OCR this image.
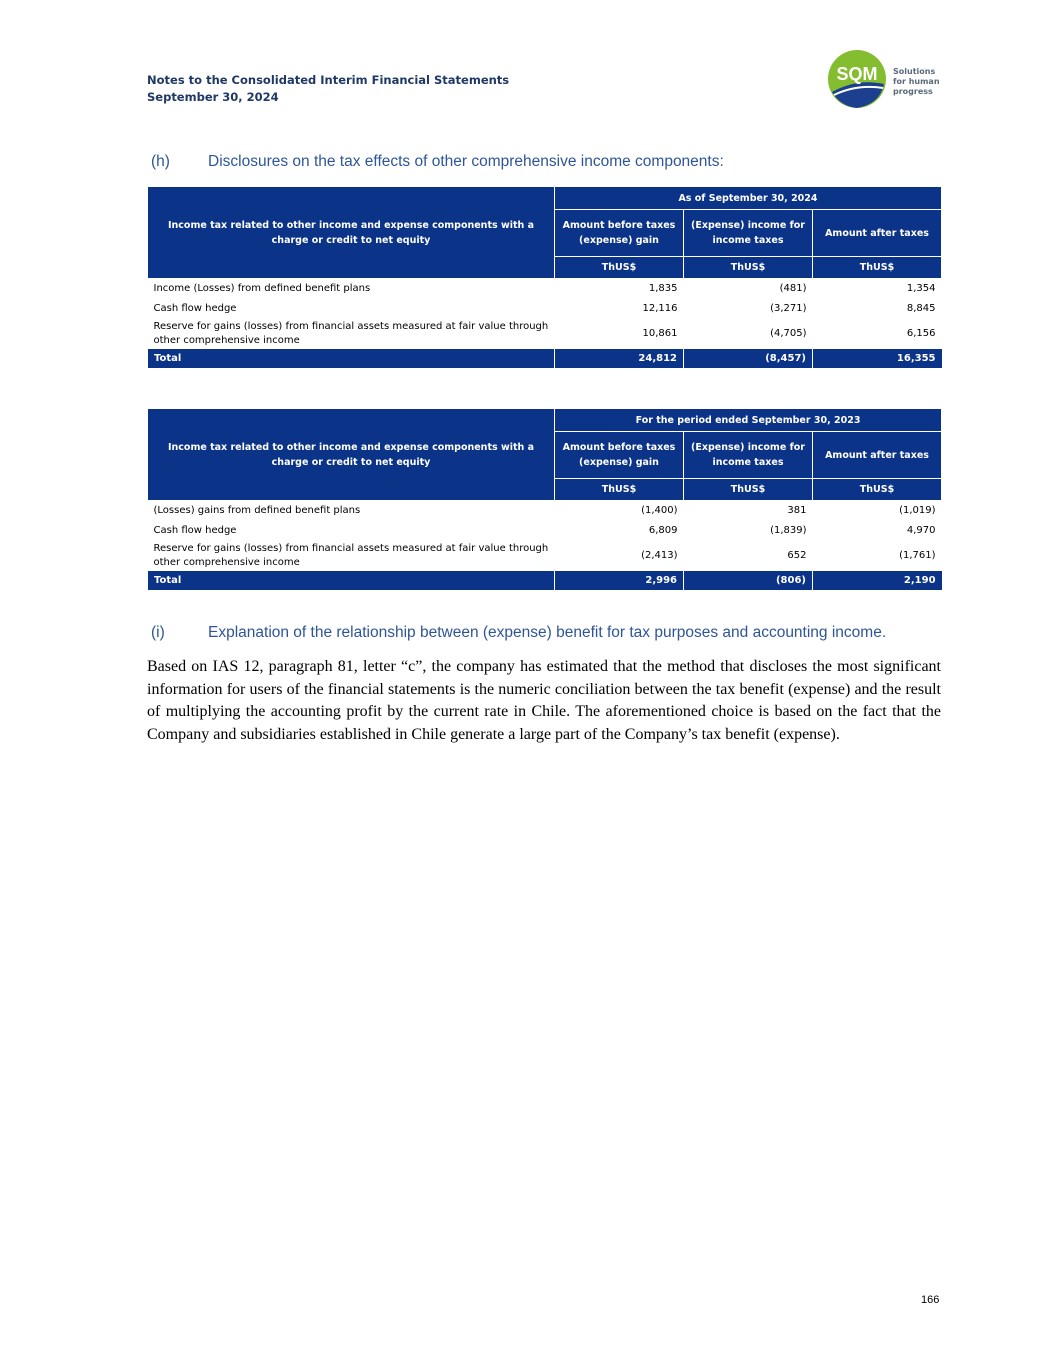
Notes to the Consolidated Interim Financial Statements
September 30, 2024
SQM Solutions
for human
progress
(h) Disclosures on the tax effects of other comprehensive income components:
Income tax related to other income and expense components with a charge or credit to net equity	As of September 30, 2024		
	Amount before taxes (expense) gain	(Expense) income for income taxes	Amount after taxes
	ThUS$	ThUS$	ThUS$
Income (Losses) from defined benefit plans	1,835	(481)	1,354
Cash flow hedge	12,116	(3,271)	8,845
Reserve for gains (losses) from financial assets measured at fair value through other comprehensive income	10,861	(4,705)	6,156
Total	24,812	(8,457)	16,355
Income tax related to other income and expense components with a charge or credit to net equity	For the period ended September 30, 2023		
	Amount before taxes (expense) gain	(Expense) income for income taxes	Amount after taxes
	ThUS$	ThUS$	ThUS$
(Losses) gains from defined benefit plans	(1,400)	381	(1,019)
Cash flow hedge	6,809	(1,839)	4,970
Reserve for gains (losses) from financial assets measured at fair value through other comprehensive income	(2,413)	652	(1,761)
Total	2,996	(806)	2,190
(i)	Explanation of the relationship between (expense) benefit for tax purposes and accounting income.
Based on IAS 12, paragraph 81, letter “c”, the company has estimated that the method that discloses the most significant information for users of the financial statements is the numeric conciliation between the tax benefit (expense) and the result of multiplying the accounting profit by the current rate in Chile. The aforementioned choice is based on the fact that the Company and subsidiaries established in Chile generate a large part of the Company’s tax benefit (expense).
166
